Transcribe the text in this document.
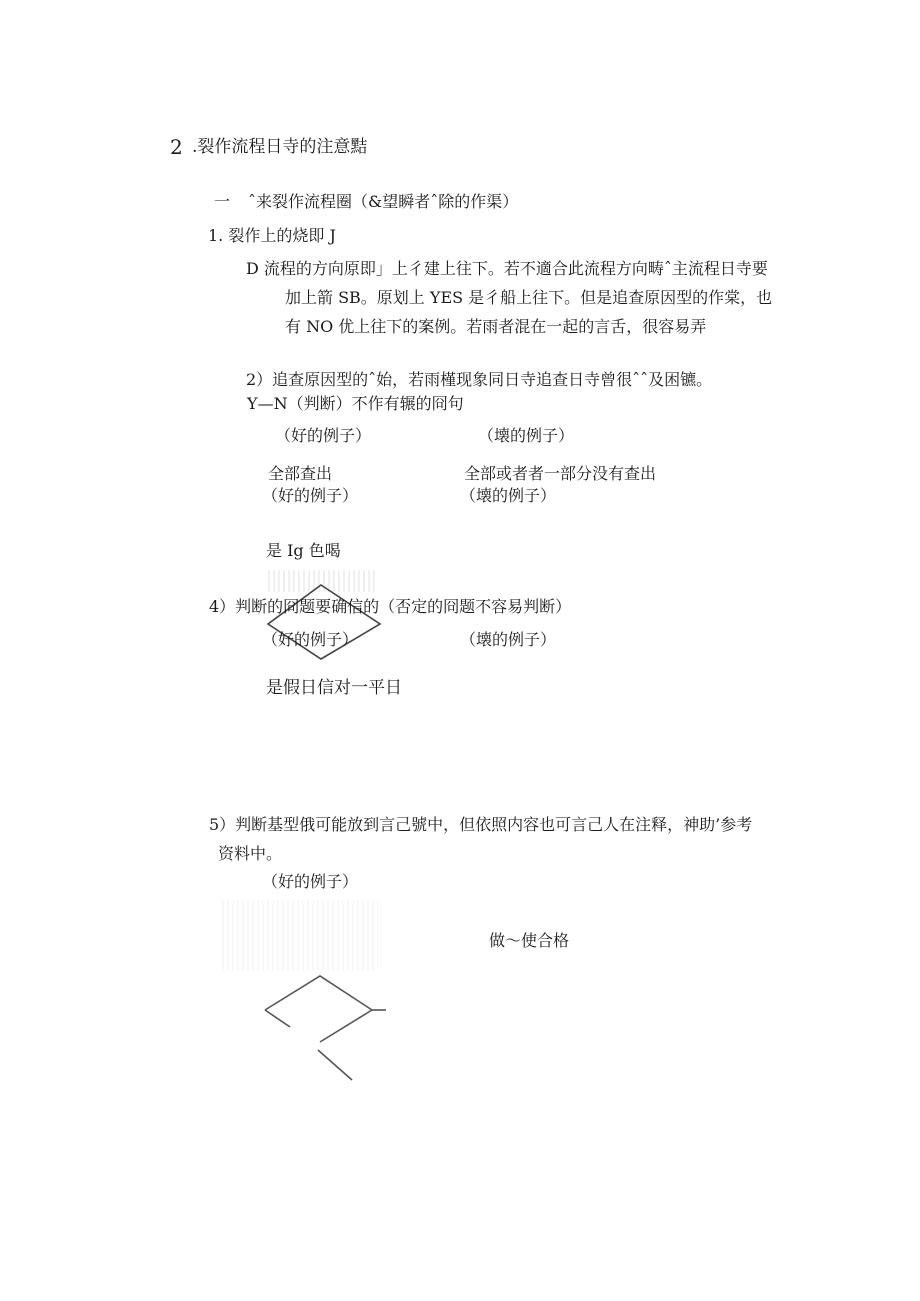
2 .裂作流程日寺的注意黠
一 ˆ来裂作流程圈（&望瞬者ˆ除的作渠）
1. 裂作上的烧即 J
D 流程的方向原即」上彳建上往下。若不適合此流程方向畴ˆ主流程日寺要
加上箭 SB。原划上 YES 是彳船上往下。但是追查原因型的作棠，也
有 NO 优上往下的案例。若雨者混在一起的言舌，很容易弄
2）追查原因型的ˆ始，若雨槿现象同日寺追查日寺曾很ˆˆ及困镳。
Y—N（判断）不作有辗的冏句
（好的例子）	（壊的例子）
全部查出	全部或者者一部分没有查出
（好的例子）	（壊的例子）
是 Ig 色喝
4）判断的冏题要确信的（否定的冏题不容易判断）
（好的例子）	（壊的例子）
是假日信对一平日
5）判断基型俄可能放到言己號中，但依照内容也可言己人在注释，神助’参考
资料中。
（好的例子）
做～使合格
